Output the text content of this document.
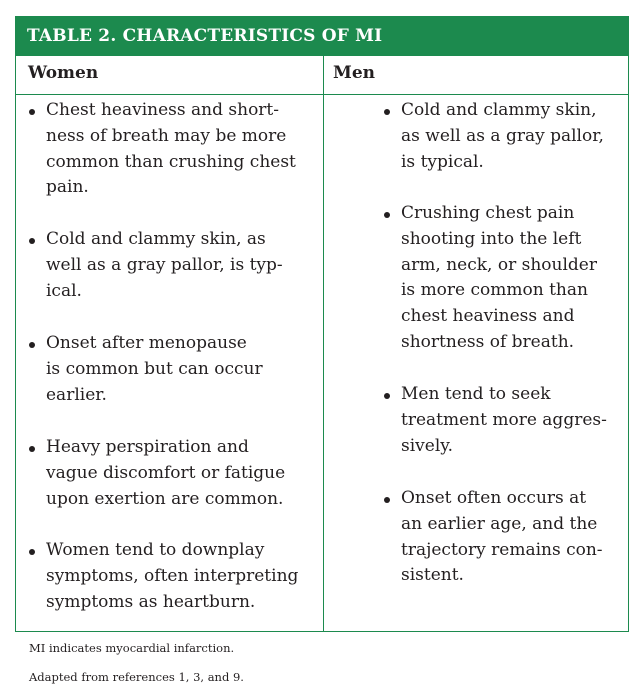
TABLE 2. CHARACTERISTICS OF MI
Women	Men
Chest heaviness and short-
ness of breath may be more
common than crushing chest
pain.
Cold and clammy skin, as
well as a gray pallor, is typ-
ical.
Onset after menopause
is common but can occur
earlier.
Heavy perspiration and
vague discomfort or fatigue
upon exertion are common.
Women tend to downplay
symptoms, often interpreting
symptoms as heartburn.
Cold and clammy skin,
as well as a gray pallor,
is typical.
Crushing chest pain
shooting into the left
arm, neck, or shoulder
is more common than
chest heaviness and
shortness of breath.
Men tend to seek
treatment more aggres-
sively.
Onset often occurs at
an earlier age, and the
trajectory remains con-
sistent.
MI indicates myocardial infarction.
Adapted from references 1, 3, and 9.
